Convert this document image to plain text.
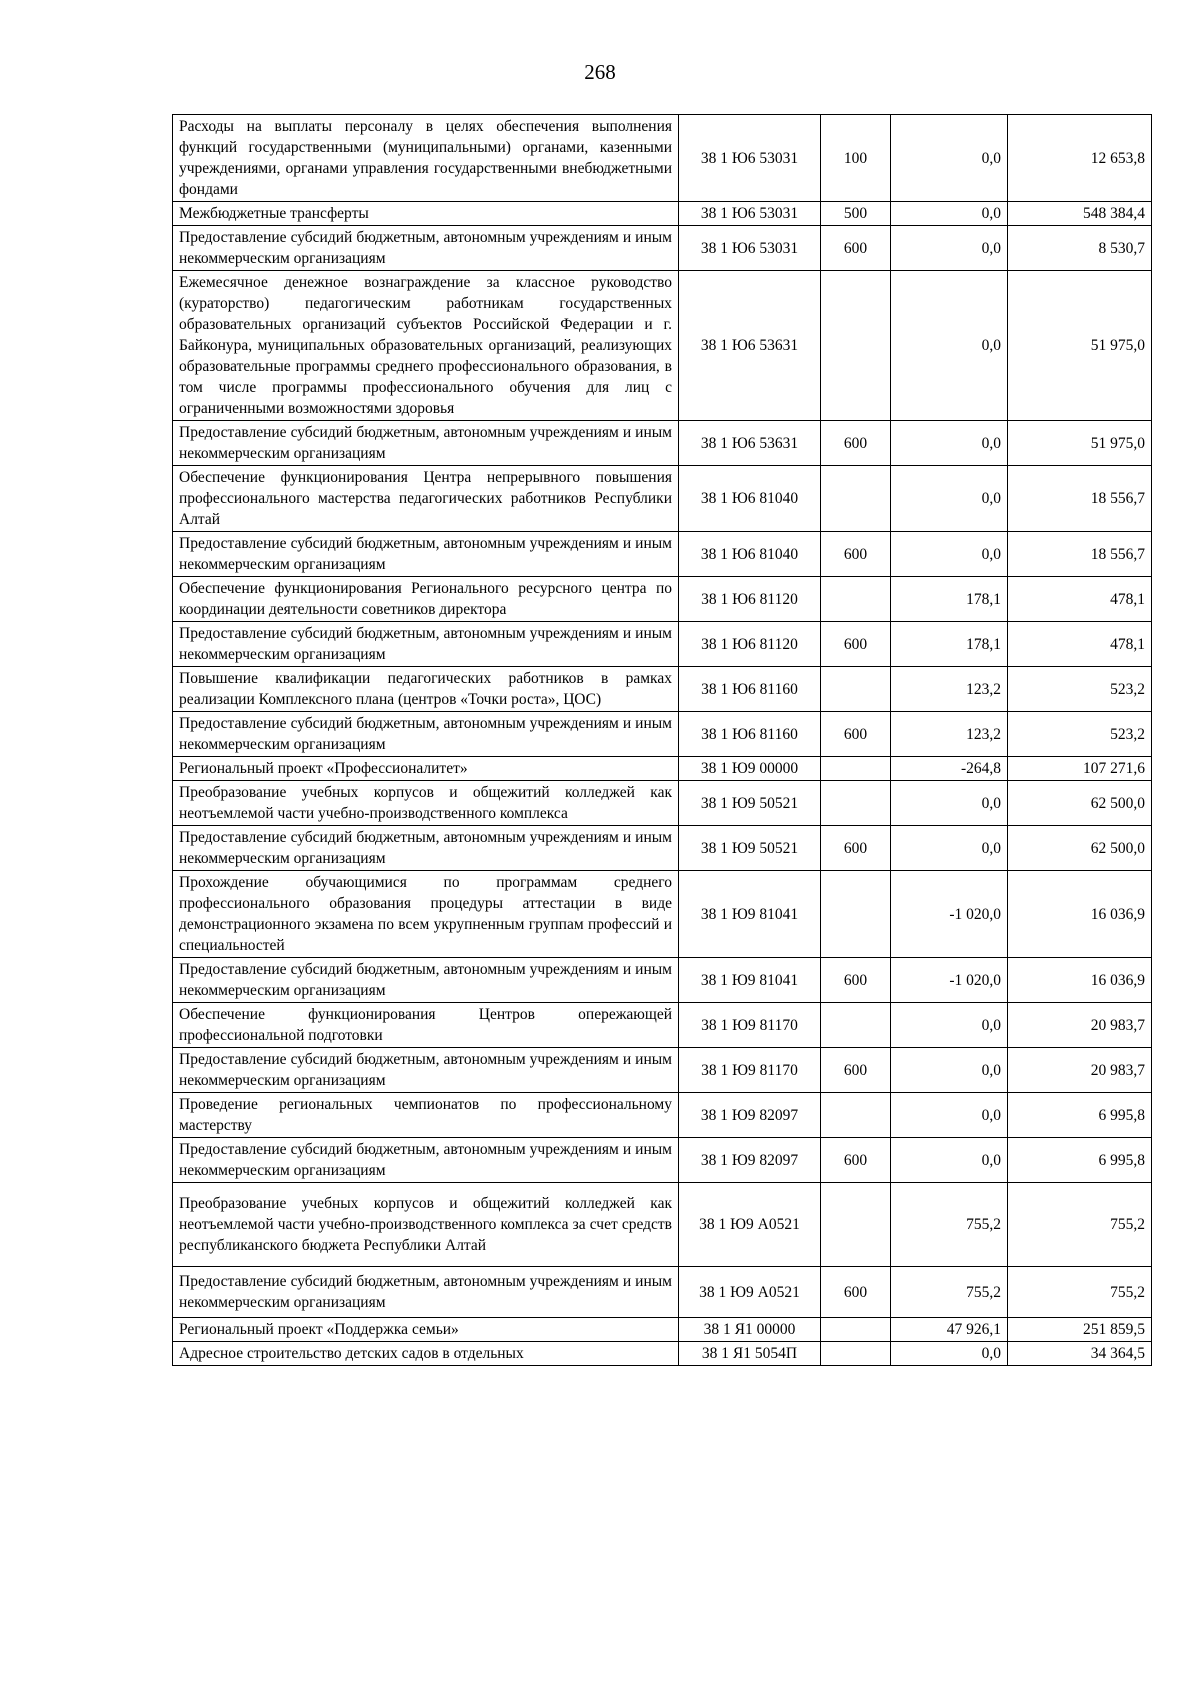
268
Расходы на выплаты персоналу в целях обеспечения выполнения функций государственными (муниципальными) органами, казенными учреждениями, органами управления государственными внебюджетными фондами	38 1 Ю6 53031	100	0,0	12 653,8
Межбюджетные трансферты	38 1 Ю6 53031	500	0,0	548 384,4
Предоставление субсидий бюджетным, автономным учреждениям и иным некоммерческим организациям	38 1 Ю6 53031	600	0,0	8 530,7
Ежемесячное денежное вознаграждение за классное руководство (кураторство) педагогическим работникам государственных образовательных организаций субъектов Российской Федерации и г. Байконура, муниципальных образовательных организаций, реализующих образовательные программы среднего профессионального образования, в том числе программы профессионального обучения для лиц с ограниченными возможностями здоровья	38 1 Ю6 53631		0,0	51 975,0
Предоставление субсидий бюджетным, автономным учреждениям и иным некоммерческим организациям	38 1 Ю6 53631	600	0,0	51 975,0
Обеспечение функционирования Центра непрерывного повышения профессионального мастерства педагогических работников Республики Алтай	38 1 Ю6 81040		0,0	18 556,7
Предоставление субсидий бюджетным, автономным учреждениям и иным некоммерческим организациям	38 1 Ю6 81040	600	0,0	18 556,7
Обеспечение функционирования Регионального ресурсного центра по координации деятельности советников директора	38 1 Ю6 81120		178,1	478,1
Предоставление субсидий бюджетным, автономным учреждениям и иным некоммерческим организациям	38 1 Ю6 81120	600	178,1	478,1
Повышение квалификации педагогических работников в рамках реализации Комплексного плана (центров «Точки роста», ЦОС)	38 1 Ю6 81160		123,2	523,2
Предоставление субсидий бюджетным, автономным учреждениям и иным некоммерческим организациям	38 1 Ю6 81160	600	123,2	523,2
Региональный проект «Профессионалитет»	38 1 Ю9 00000		-264,8	107 271,6
Преобразование учебных корпусов и общежитий колледжей как неотъемлемой части учебно-производственного комплекса	38 1 Ю9 50521		0,0	62 500,0
Предоставление субсидий бюджетным, автономным учреждениям и иным некоммерческим организациям	38 1 Ю9 50521	600	0,0	62 500,0
Прохождение обучающимися по программам среднего профессионального образования процедуры аттестации в виде демонстрационного экзамена по всем укрупненным группам профессий и специальностей	38 1 Ю9 81041		-1 020,0	16 036,9
Предоставление субсидий бюджетным, автономным учреждениям и иным некоммерческим организациям	38 1 Ю9 81041	600	-1 020,0	16 036,9
Обеспечение функционирования Центров опережающей профессиональной подготовки	38 1 Ю9 81170		0,0	20 983,7
Предоставление субсидий бюджетным, автономным учреждениям и иным некоммерческим организациям	38 1 Ю9 81170	600	0,0	20 983,7
Проведение региональных чемпионатов по профессиональному мастерству	38 1 Ю9 82097		0,0	6 995,8
Предоставление субсидий бюджетным, автономным учреждениям и иным некоммерческим организациям	38 1 Ю9 82097	600	0,0	6 995,8
Преобразование учебных корпусов и общежитий колледжей как неотъемлемой части учебно-производственного комплекса за счет средств республиканского бюджета Республики Алтай	38 1 Ю9 А0521		755,2	755,2
Предоставление субсидий бюджетным, автономным учреждениям и иным некоммерческим организациям	38 1 Ю9 А0521	600	755,2	755,2
Региональный проект «Поддержка семьи»	38 1 Я1 00000		47 926,1	251 859,5
Адресное строительство детских садов в отдельных	38 1 Я1 5054П		0,0	34 364,5
